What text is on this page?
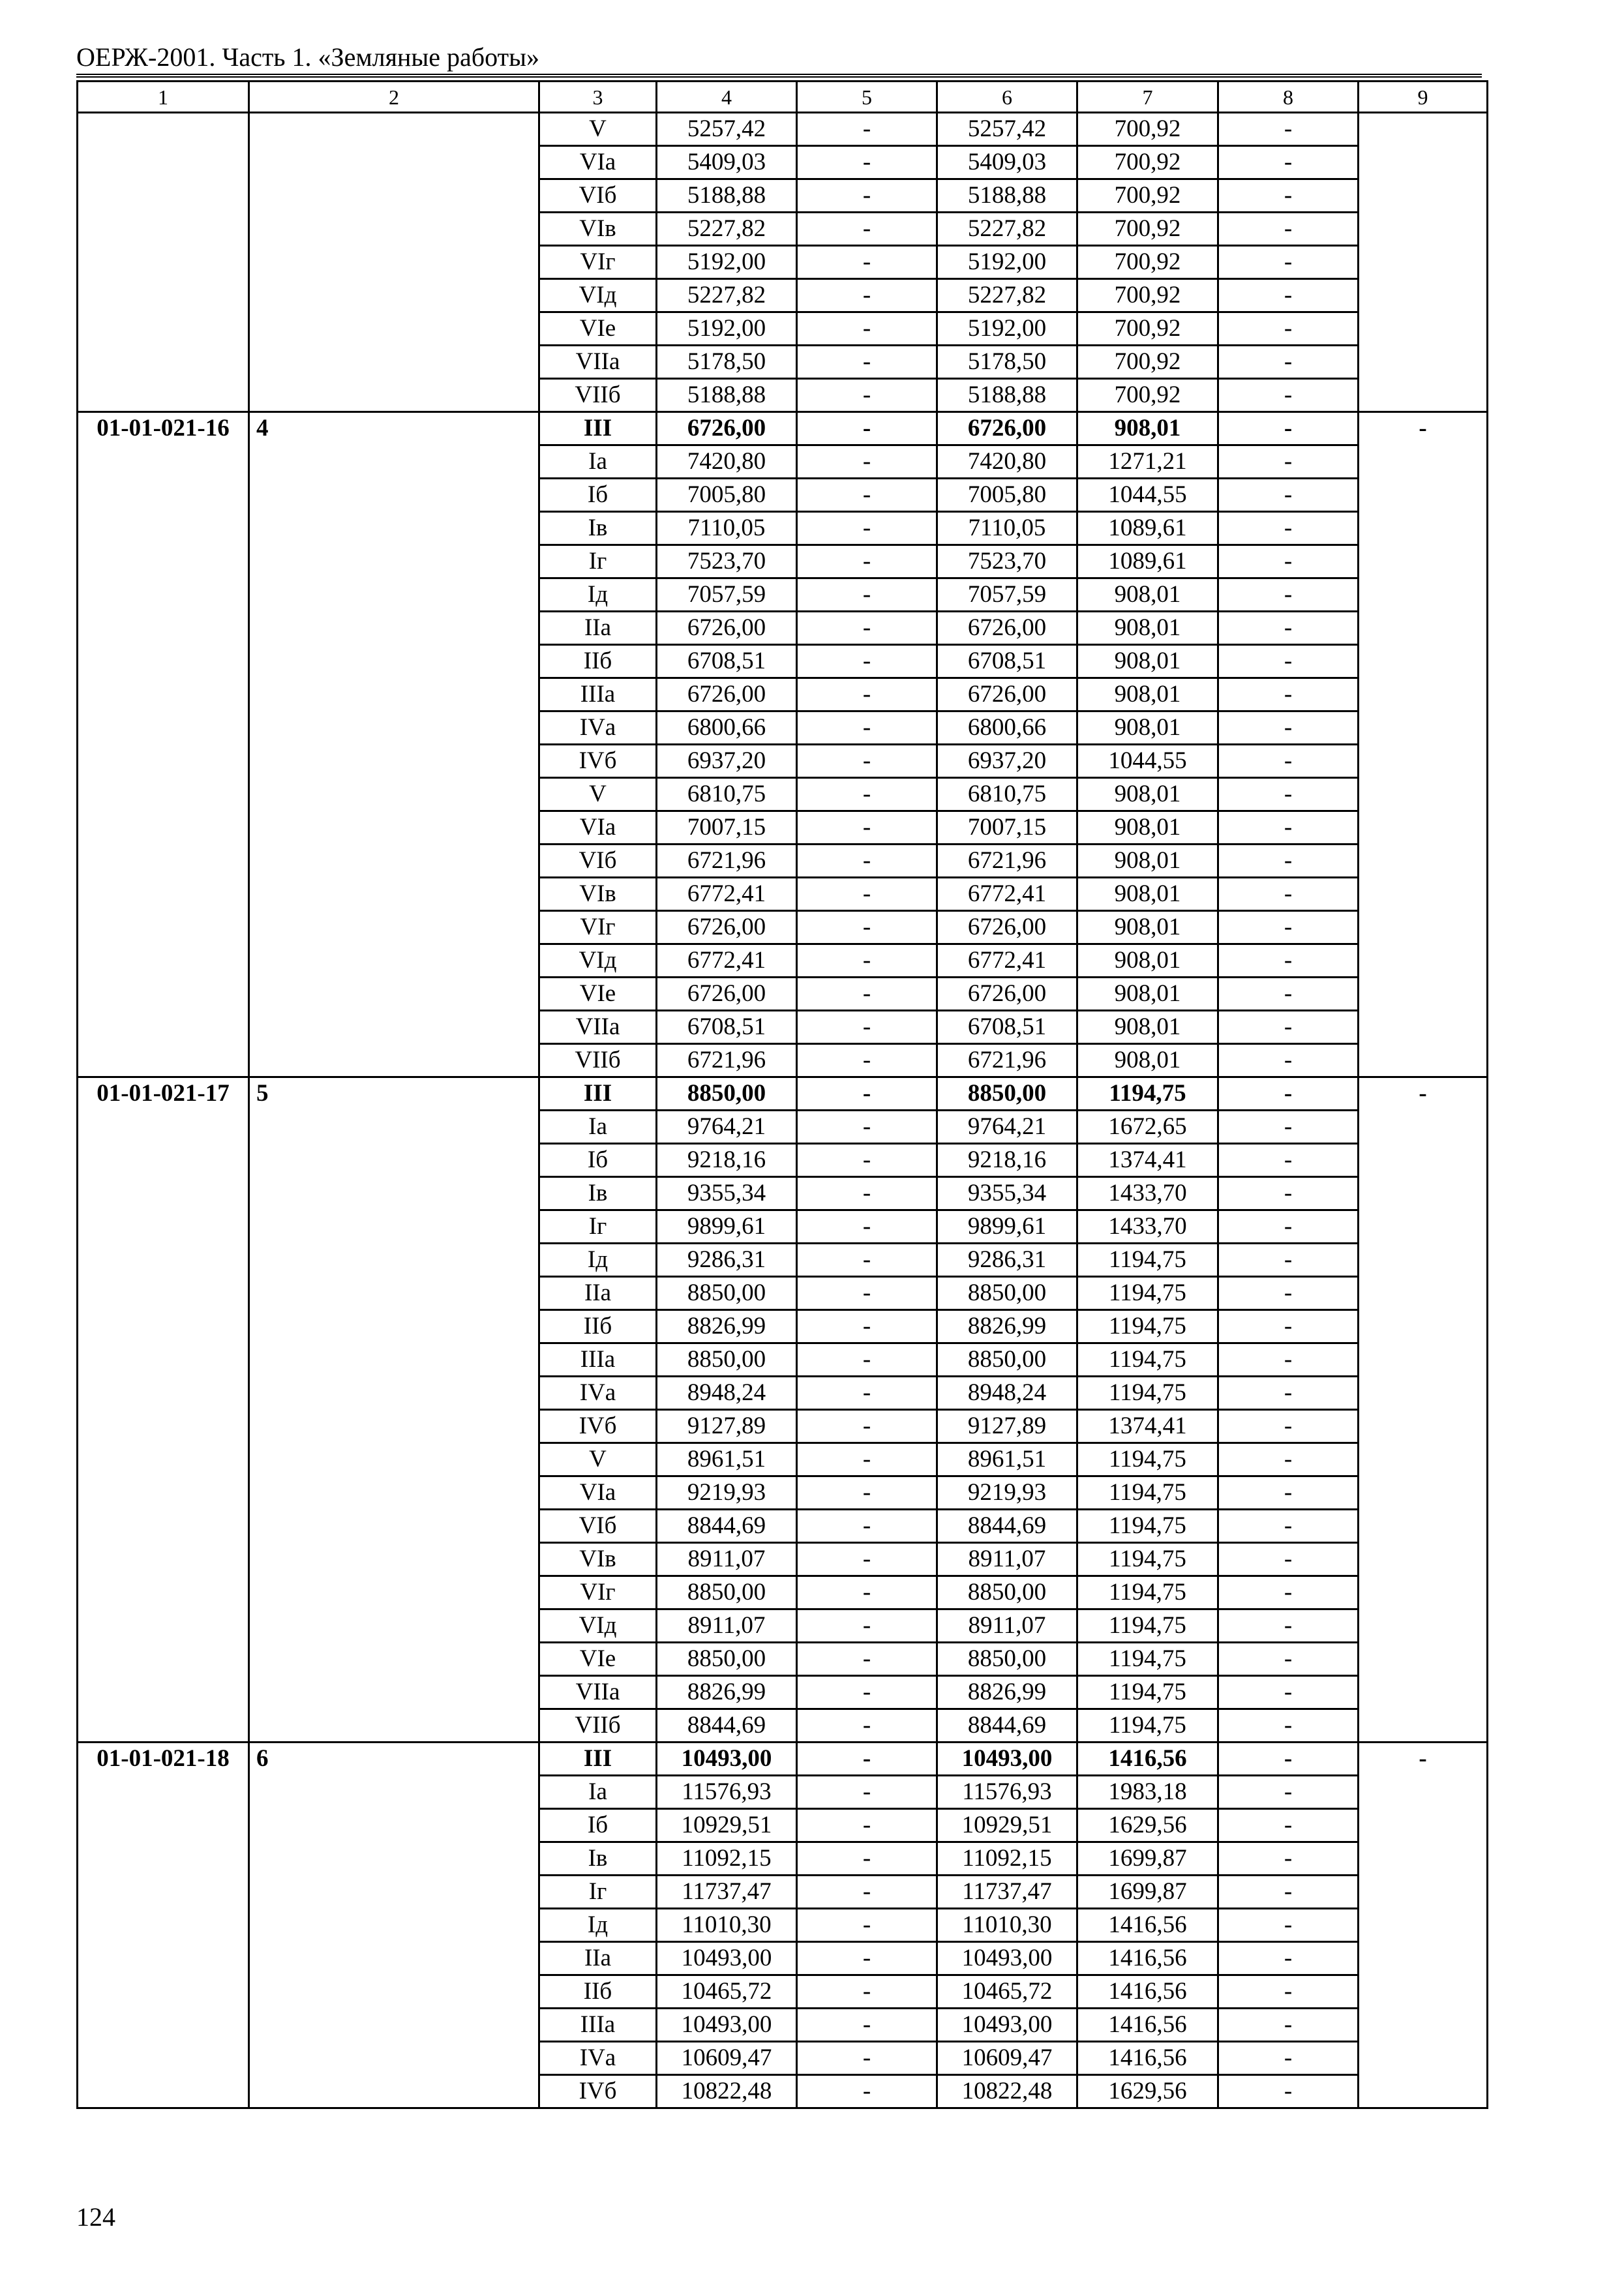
ОЕРЖ-2001. Часть 1. «Земляные работы»
1	2	3	4	5	6	7	8	9
		V	5257,42	-	5257,42	700,92	-	
		VIа	5409,03	-	5409,03	700,92	-	
		VIб	5188,88	-	5188,88	700,92	-	
		VIв	5227,82	-	5227,82	700,92	-	
		VIг	5192,00	-	5192,00	700,92	-	
		VIд	5227,82	-	5227,82	700,92	-	
		VIе	5192,00	-	5192,00	700,92	-	
		VIIа	5178,50	-	5178,50	700,92	-	
		VIIб	5188,88	-	5188,88	700,92	-	
01-01-021-16	4	III	6726,00	-	6726,00	908,01	-	-
		Iа	7420,80	-	7420,80	1271,21	-	
		Iб	7005,80	-	7005,80	1044,55	-	
		Iв	7110,05	-	7110,05	1089,61	-	
		Iг	7523,70	-	7523,70	1089,61	-	
		Iд	7057,59	-	7057,59	908,01	-	
		IIа	6726,00	-	6726,00	908,01	-	
		IIб	6708,51	-	6708,51	908,01	-	
		IIIа	6726,00	-	6726,00	908,01	-	
		IVа	6800,66	-	6800,66	908,01	-	
		IVб	6937,20	-	6937,20	1044,55	-	
		V	6810,75	-	6810,75	908,01	-	
		VIа	7007,15	-	7007,15	908,01	-	
		VIб	6721,96	-	6721,96	908,01	-	
		VIв	6772,41	-	6772,41	908,01	-	
		VIг	6726,00	-	6726,00	908,01	-	
		VIд	6772,41	-	6772,41	908,01	-	
		VIе	6726,00	-	6726,00	908,01	-	
		VIIа	6708,51	-	6708,51	908,01	-	
		VIIб	6721,96	-	6721,96	908,01	-	
01-01-021-17	5	III	8850,00	-	8850,00	1194,75	-	-
		Iа	9764,21	-	9764,21	1672,65	-	
		Iб	9218,16	-	9218,16	1374,41	-	
		Iв	9355,34	-	9355,34	1433,70	-	
		Iг	9899,61	-	9899,61	1433,70	-	
		Iд	9286,31	-	9286,31	1194,75	-	
		IIа	8850,00	-	8850,00	1194,75	-	
		IIб	8826,99	-	8826,99	1194,75	-	
		IIIа	8850,00	-	8850,00	1194,75	-	
		IVа	8948,24	-	8948,24	1194,75	-	
		IVб	9127,89	-	9127,89	1374,41	-	
		V	8961,51	-	8961,51	1194,75	-	
		VIа	9219,93	-	9219,93	1194,75	-	
		VIб	8844,69	-	8844,69	1194,75	-	
		VIв	8911,07	-	8911,07	1194,75	-	
		VIг	8850,00	-	8850,00	1194,75	-	
		VIд	8911,07	-	8911,07	1194,75	-	
		VIе	8850,00	-	8850,00	1194,75	-	
		VIIа	8826,99	-	8826,99	1194,75	-	
		VIIб	8844,69	-	8844,69	1194,75	-	
01-01-021-18	6	III	10493,00	-	10493,00	1416,56	-	-
		Iа	11576,93	-	11576,93	1983,18	-	
		Iб	10929,51	-	10929,51	1629,56	-	
		Iв	11092,15	-	11092,15	1699,87	-	
		Iг	11737,47	-	11737,47	1699,87	-	
		Iд	11010,30	-	11010,30	1416,56	-	
		IIа	10493,00	-	10493,00	1416,56	-	
		IIб	10465,72	-	10465,72	1416,56	-	
		IIIа	10493,00	-	10493,00	1416,56	-	
		IVа	10609,47	-	10609,47	1416,56	-	
		IVб	10822,48	-	10822,48	1629,56	-	
124
